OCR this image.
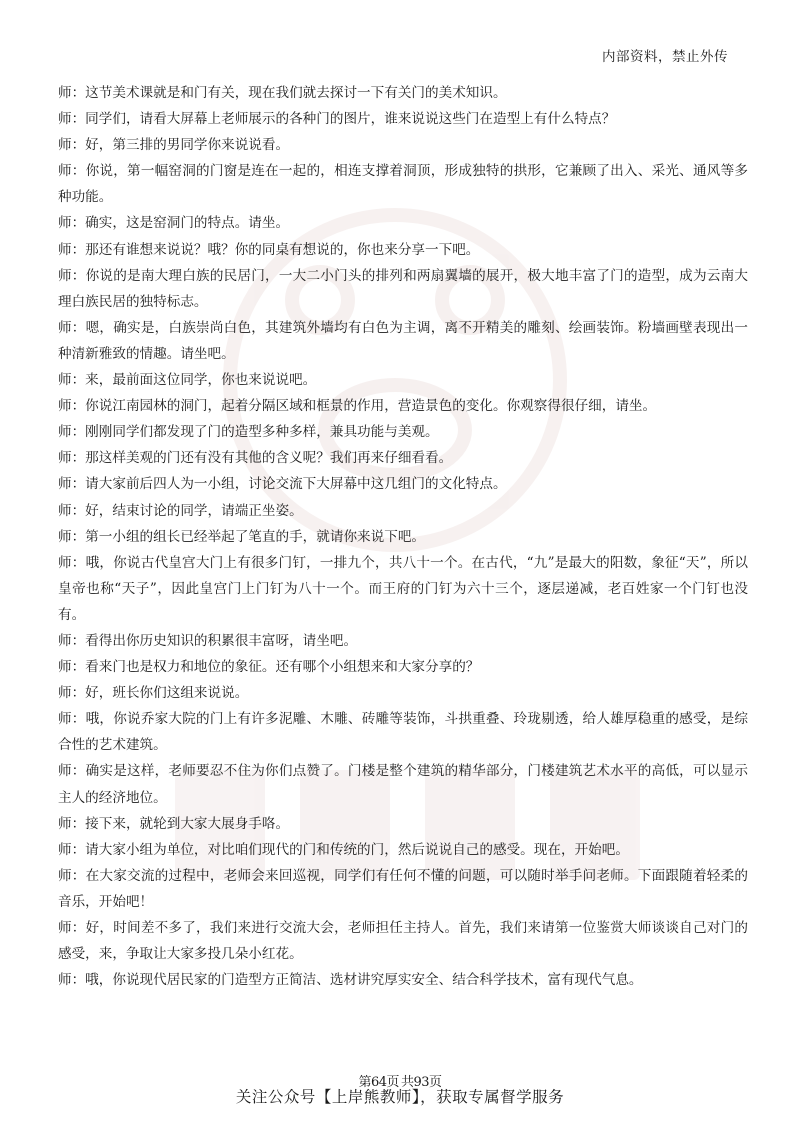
内部资料，禁止外传

师：这节美术课就是和门有关，现在我们就去探讨一下有关门的美术知识。

师：同学们，请看大屏幕上老师展示的各种门的图片，谁来说说这些门在造型上有什么特点？

师：好，第三排的男同学你来说说看。

师：你说，第一幅窑洞的门窗是连在一起的，相连支撑着洞顶，形成独特的拱形，它兼顾了出入、采光、通风等多种功能。

师：确实，这是窑洞门的特点。请坐。

师：那还有谁想来说说？哦？你的同桌有想说的，你也来分享一下吧。

师：你说的是南大理白族的民居门，一大二小门头的排列和两扇翼墙的展开，极大地丰富了门的造型，成为云南大理白族民居的独特标志。

师：嗯，确实是，白族崇尚白色，其建筑外墙均有白色为主调，离不开精美的雕刻、绘画装饰。粉墙画壁表现出一种清新雅致的情趣。请坐吧。

师：来，最前面这位同学，你也来说说吧。

师：你说江南园林的洞门，起着分隔区域和框景的作用，营造景色的变化。你观察得很仔细，请坐。

师：刚刚同学们都发现了门的造型多种多样，兼具功能与美观。

师：那这样美观的门还有没有其他的含义呢？我们再来仔细看看。

师：请大家前后四人为一小组，讨论交流下大屏幕中这几组门的文化特点。

师：好，结束讨论的同学，请端正坐姿。

师：第一小组的组长已经举起了笔直的手，就请你来说下吧。

师：哦，你说古代皇宫大门上有很多门钉，一排九个，共八十一个。在古代，“九”是最大的阳数，象征“天”，所以皇帝也称“天子”，因此皇宫门上门钉为八十一个。而王府的门钉为六十三个，逐层递减，老百姓家一个门钉也没有。

师：看得出你历史知识的积累很丰富呀，请坐吧。

师：看来门也是权力和地位的象征。还有哪个小组想来和大家分享的？

师：好，班长你们这组来说说。

师：哦，你说乔家大院的门上有许多泥雕、木雕、砖雕等装饰，斗拱重叠、玲珑剔透，给人雄厚稳重的感受，是综合性的艺术建筑。

师：确实是这样，老师要忍不住为你们点赞了。门楼是整个建筑的精华部分，门楼建筑艺术水平的高低，可以显示主人的经济地位。

师：接下来，就轮到大家大展身手咯。

师：请大家小组为单位，对比咱们现代的门和传统的门，然后说说自己的感受。现在，开始吧。

师：在大家交流的过程中，老师会来回巡视，同学们有任何不懂的问题，可以随时举手问老师。下面跟随着轻柔的音乐，开始吧！

师：好，时间差不多了，我们来进行交流大会，老师担任主持人。首先，我们来请第一位鉴赏大师谈谈自己对门的感受，来，争取让大家多投几朵小红花。

师：哦，你说现代居民家的门造型方正简洁、选材讲究厚实安全、结合科学技术，富有现代气息。

第64页 共93页
关注公众号【上岸熊教师】，获取专属督学服务
